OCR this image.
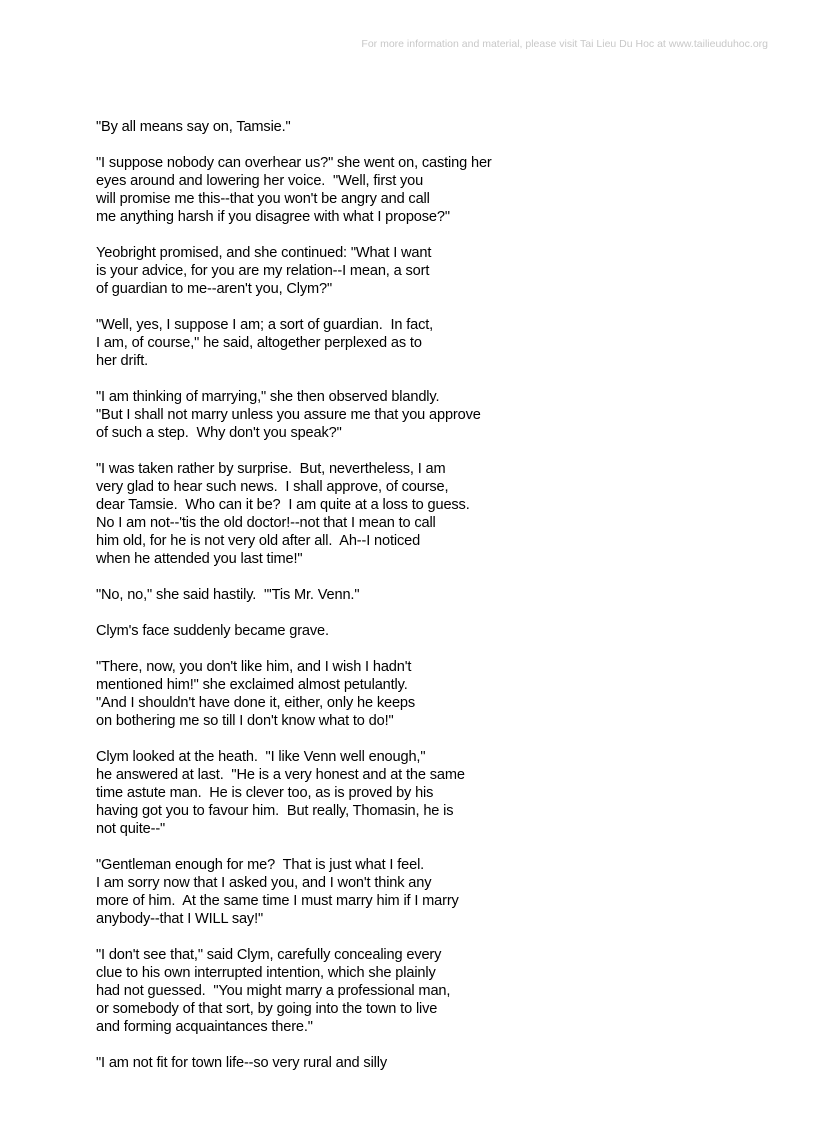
For more information and material, please visit Tai Lieu Du Hoc at www.tailieuduhoc.org

"By all means say on, Tamsie."

"I suppose nobody can overhear us?" she went on, casting her
eyes around and lowering her voice.  "Well, first you
will promise me this--that you won't be angry and call
me anything harsh if you disagree with what I propose?"

Yeobright promised, and she continued: "What I want
is your advice, for you are my relation--I mean, a sort
of guardian to me--aren't you, Clym?"

"Well, yes, I suppose I am; a sort of guardian.  In fact,
I am, of course," he said, altogether perplexed as to
her drift.

"I am thinking of marrying," she then observed blandly.
"But I shall not marry unless you assure me that you approve
of such a step.  Why don't you speak?"

"I was taken rather by surprise.  But, nevertheless, I am
very glad to hear such news.  I shall approve, of course,
dear Tamsie.  Who can it be?  I am quite at a loss to guess.
No I am not--'tis the old doctor!--not that I mean to call
him old, for he is not very old after all.  Ah--I noticed
when he attended you last time!"

"No, no," she said hastily.  "'Tis Mr. Venn."

Clym's face suddenly became grave.

"There, now, you don't like him, and I wish I hadn't
mentioned him!" she exclaimed almost petulantly.
"And I shouldn't have done it, either, only he keeps
on bothering me so till I don't know what to do!"

Clym looked at the heath.  "I like Venn well enough,"
he answered at last.  "He is a very honest and at the same
time astute man.  He is clever too, as is proved by his
having got you to favour him.  But really, Thomasin, he is
not quite--"

"Gentleman enough for me?  That is just what I feel.
I am sorry now that I asked you, and I won't think any
more of him.  At the same time I must marry him if I marry
anybody--that I WILL say!"

"I don't see that," said Clym, carefully concealing every
clue to his own interrupted intention, which she plainly
had not guessed.  "You might marry a professional man,
or somebody of that sort, by going into the town to live
and forming acquaintances there."

"I am not fit for town life--so very rural and silly
